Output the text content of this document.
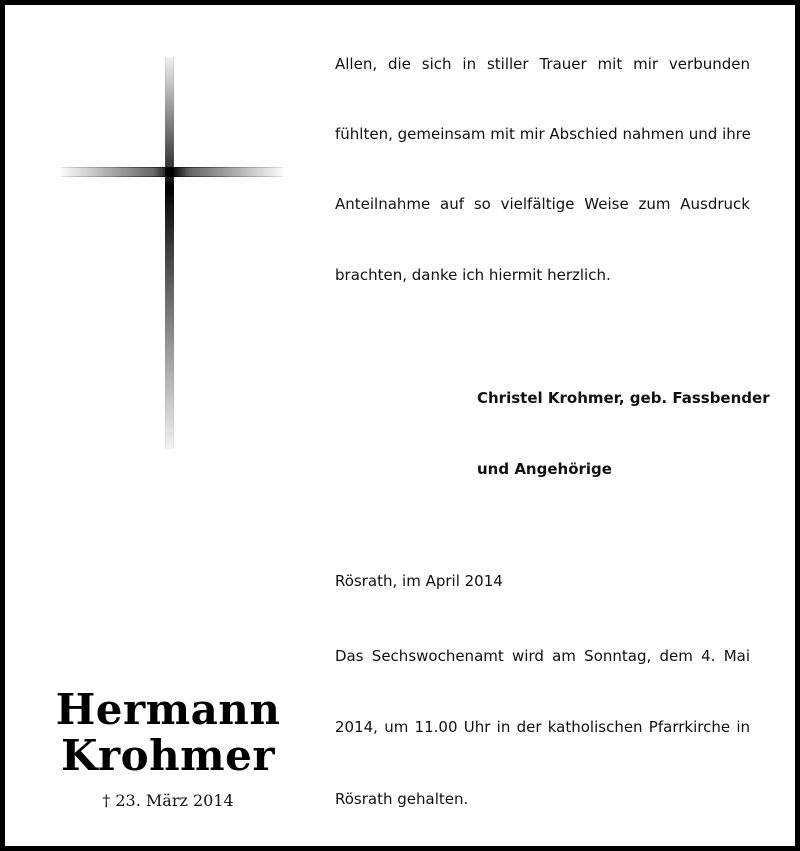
Allen, die sich in stiller Trauer mit mir verbunden
fühlten, gemeinsam mit mir Abschied nahmen und ihre
Anteilnahme auf so vielfältige Weise zum Ausdruck
brachten, danke ich hiermit herzlich.
Christel Krohmer, geb. Fassbender
und Angehörige
Rösrath, im April 2014
Das Sechswochenamt wird am Sonntag, dem 4. Mai
2014, um 11.00 Uhr in der katholischen Pfarrkirche in
Rösrath gehalten.
Hermann
Krohmer
† 23. März 2014
